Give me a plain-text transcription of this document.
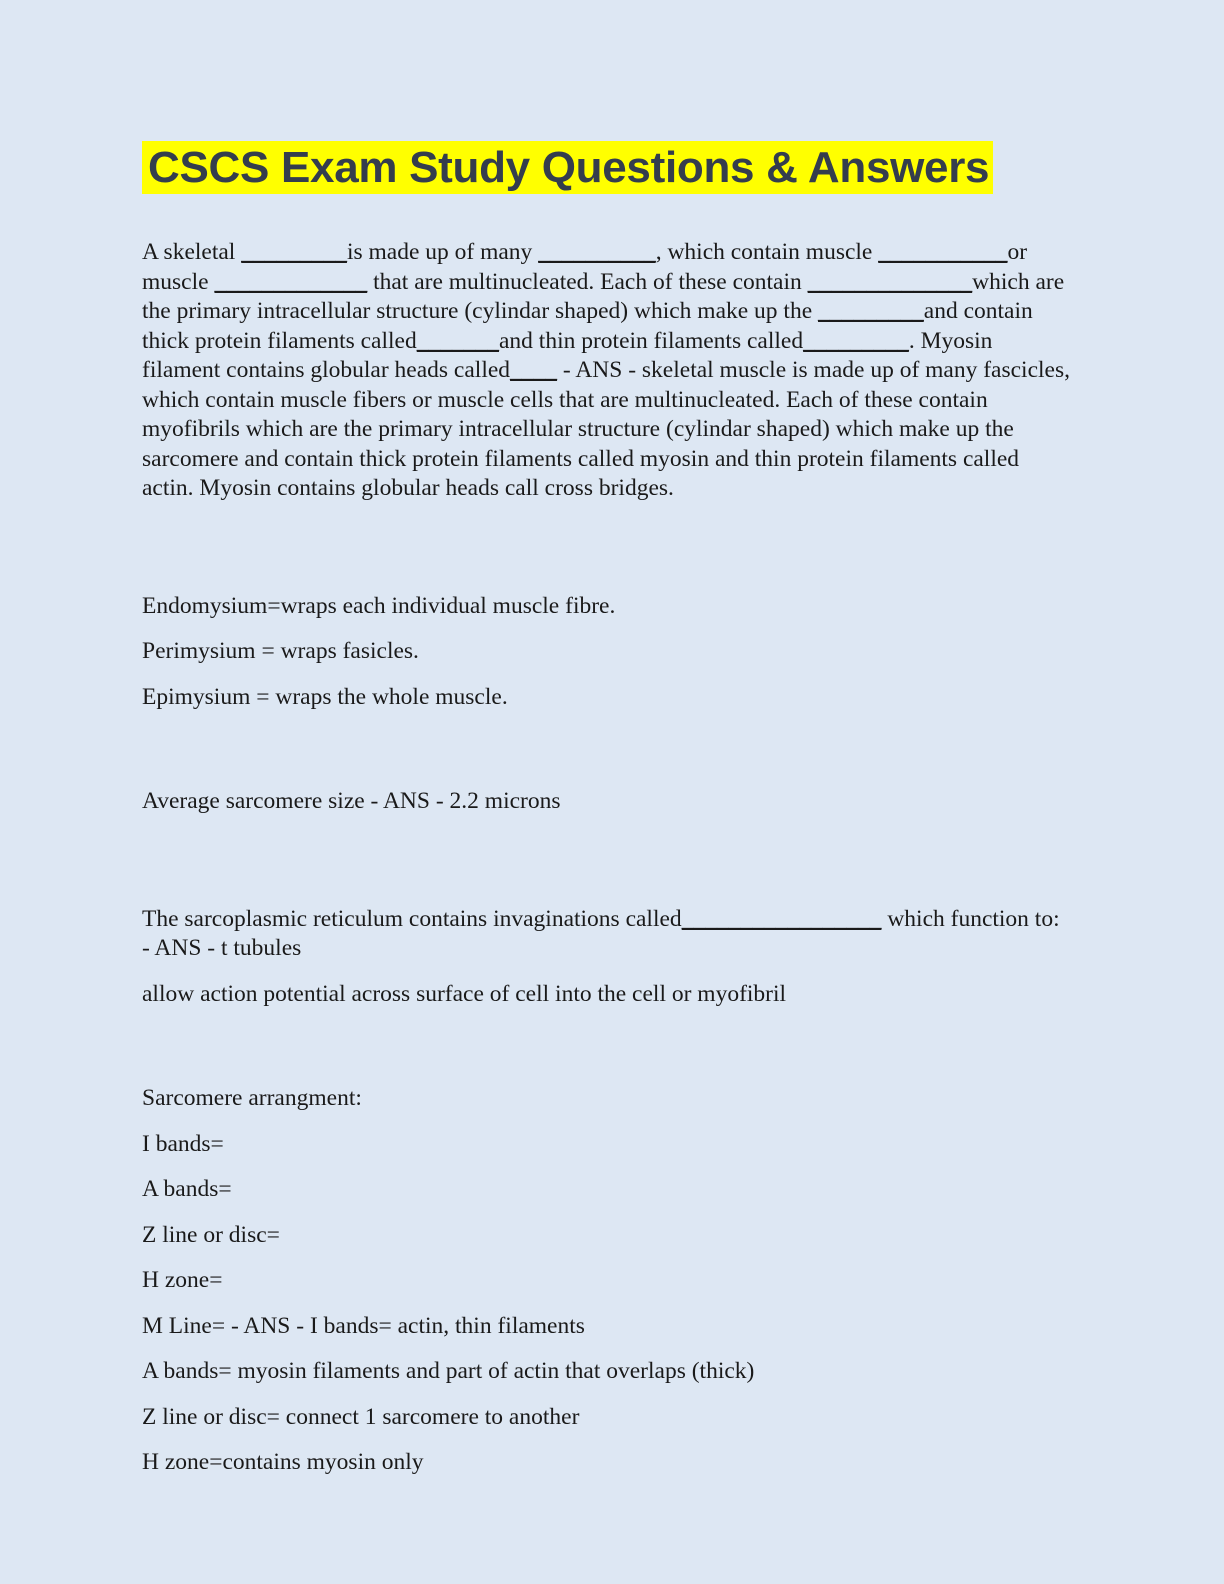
CSCS Exam Study Questions & Answers

A skeletal _________is made up of many __________, which contain muscle ___________or muscle _____________ that are multinucleated. Each of these contain ______________which are the primary intracellular structure (cylindar shaped) which make up the _________and contain thick protein filaments called_______and thin protein filaments called_________. Myosin filament contains globular heads called____ - ANS - skeletal muscle is made up of many fascicles, which contain muscle fibers or muscle cells that are multinucleated. Each of these contain myofibrils which are the primary intracellular structure (cylindar shaped) which make up the sarcomere and contain thick protein filaments called myosin and thin protein filaments called actin. Myosin contains globular heads call cross bridges.

Endomysium=wraps each individual muscle fibre.

Perimysium = wraps fasicles.

Epimysium = wraps the whole muscle.

Average sarcomere size - ANS - 2.2 microns

The sarcoplasmic reticulum contains invaginations called_________________ which function to: - ANS - t tubules

allow action potential across surface of cell into the cell or myofibril

Sarcomere arrangment:

I bands=

A bands=

Z line or disc=

H zone=

M Line= - ANS - I bands= actin, thin filaments

A bands= myosin filaments and part of actin that overlaps (thick)

Z line or disc= connect 1 sarcomere to another

H zone=contains myosin only
